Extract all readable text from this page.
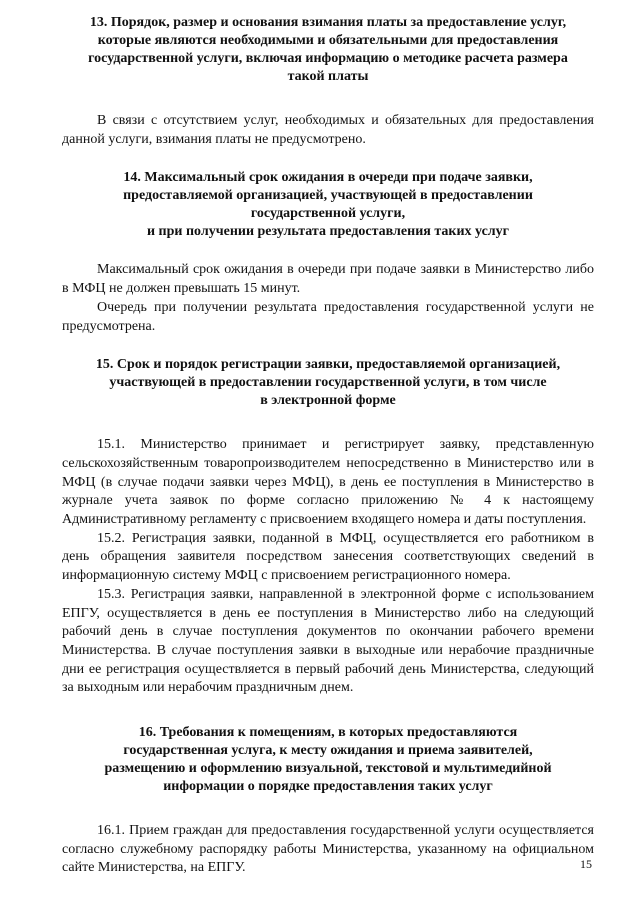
13. Порядок, размер и основания взимания платы за предоставление услуг,
которые являются необходимыми и обязательными для предоставления
государственной услуги, включая информацию о методике расчета размера
такой платы

В связи с отсутствием услуг, необходимых и обязательных для предоставления данной услуги, взимания платы не предусмотрено.

14. Максимальный срок ожидания в очереди при подаче заявки,
предоставляемой организацией, участвующей в предоставлении
государственной услуги,
и при получении результата предоставления таких услуг

Максимальный срок ожидания в очереди при подаче заявки в Министерство либо в МФЦ не должен превышать 15 минут.

Очередь при получении результата предоставления государственной услуги не предусмотрена.

15. Срок и порядок регистрации заявки, предоставляемой организацией,
участвующей в предоставлении государственной услуги, в том числе
в электронной форме

15.1. Министерство принимает и регистрирует заявку, представленную сельскохозяйственным товаропроизводителем непосредственно в Министерство или в МФЦ (в случае подачи заявки через МФЦ), в день ее поступления в Министерство в журнале учета заявок по форме согласно приложению № 4 к настоящему Административному регламенту с присвоением входящего номера и даты поступления.

15.2. Регистрация заявки, поданной в МФЦ, осуществляется его работником в день обращения заявителя посредством занесения соответствующих сведений в информационную систему МФЦ с присвоением регистрационного номера.

15.3. Регистрация заявки, направленной в электронной форме с использованием ЕПГУ, осуществляется в день ее поступления в Министерство либо на следующий рабочий день в случае поступления документов по окончании рабочего времени Министерства. В случае поступления заявки в выходные или нерабочие праздничные дни ее регистрация осуществляется в первый рабочий день Министерства, следующий за выходным или нерабочим праздничным днем.

16. Требования к помещениям, в которых предоставляются
государственная услуга, к месту ожидания и приема заявителей,
размещению и оформлению визуальной, текстовой и мультимедийной
информации о порядке предоставления таких услуг

16.1. Прием граждан для предоставления государственной услуги осуществляется согласно служебному распорядку работы Министерства, указанному на официальном сайте Министерства, на ЕПГУ.	15
